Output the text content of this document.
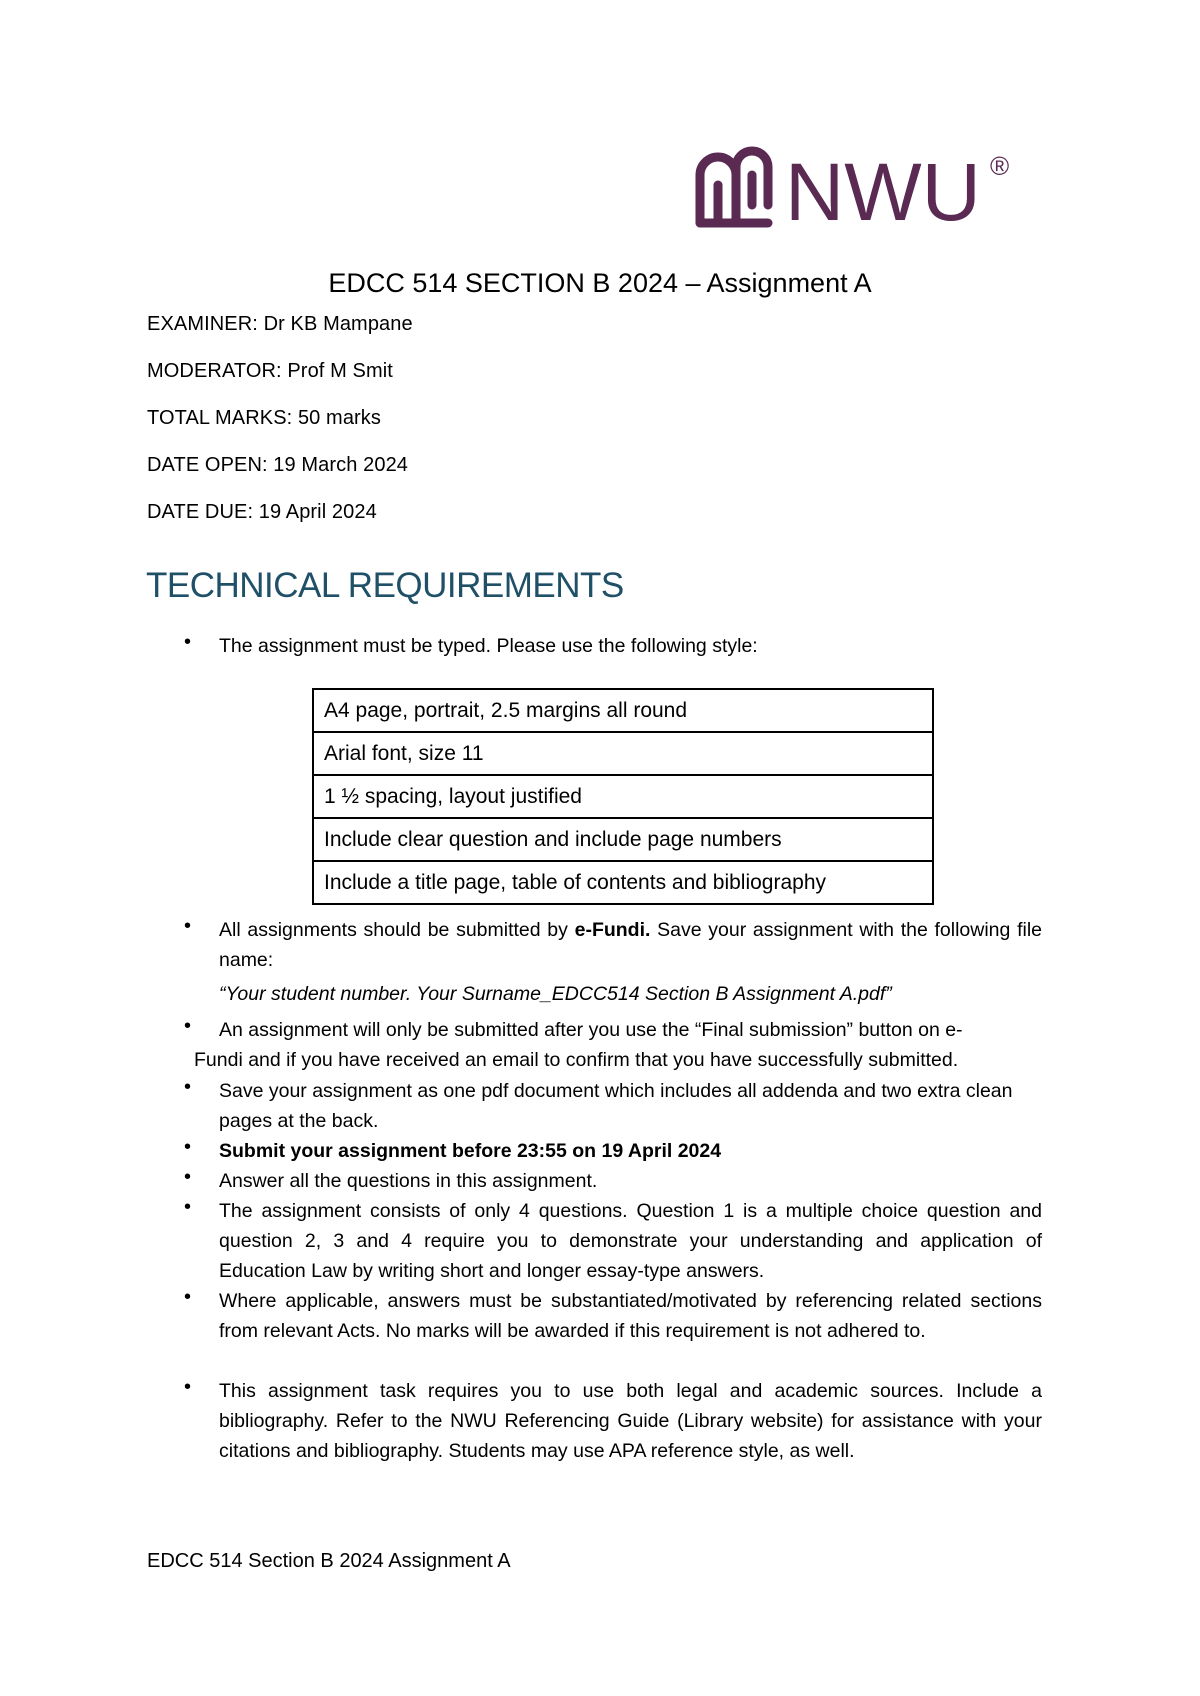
NWU ®
EDCC 514 SECTION B 2024 – Assignment A
EXAMINER: Dr KB Mampane
MODERATOR: Prof M Smit
TOTAL MARKS: 50 marks
DATE OPEN: 19 March 2024
DATE DUE: 19 April 2024
TECHNICAL REQUIREMENTS
• The assignment must be typed. Please use the following style:
A4 page, portrait, 2.5 margins all round
Arial font, size 11
1 ½ spacing, layout justified
Include clear question and include page numbers
Include a title page, table of contents and bibliography
• All assignments should be submitted by e-Fundi. Save your assignment with the following file name:
“Your student number. Your Surname_EDCC514 Section B Assignment A.pdf”
• An assignment will only be submitted after you use the “Final submission” button on e-
Fundi and if you have received an email to confirm that you have successfully submitted.
• Save your assignment as one pdf document which includes all addenda and two extra clean pages at the back.
• Submit your assignment before 23:55 on 19 April 2024
• Answer all the questions in this assignment.
• The assignment consists of only 4 questions. Question 1 is a multiple choice question and question 2, 3 and 4 require you to demonstrate your understanding and application of Education Law by writing short and longer essay-type answers.
• Where applicable, answers must be substantiated/motivated by referencing related sections from relevant Acts. No marks will be awarded if this requirement is not adhered to.
• This assignment task requires you to use both legal and academic sources. Include a bibliography. Refer to the NWU Referencing Guide (Library website) for assistance with your citations and bibliography. Students may use APA reference style, as well.
EDCC 514 Section B 2024 Assignment A
